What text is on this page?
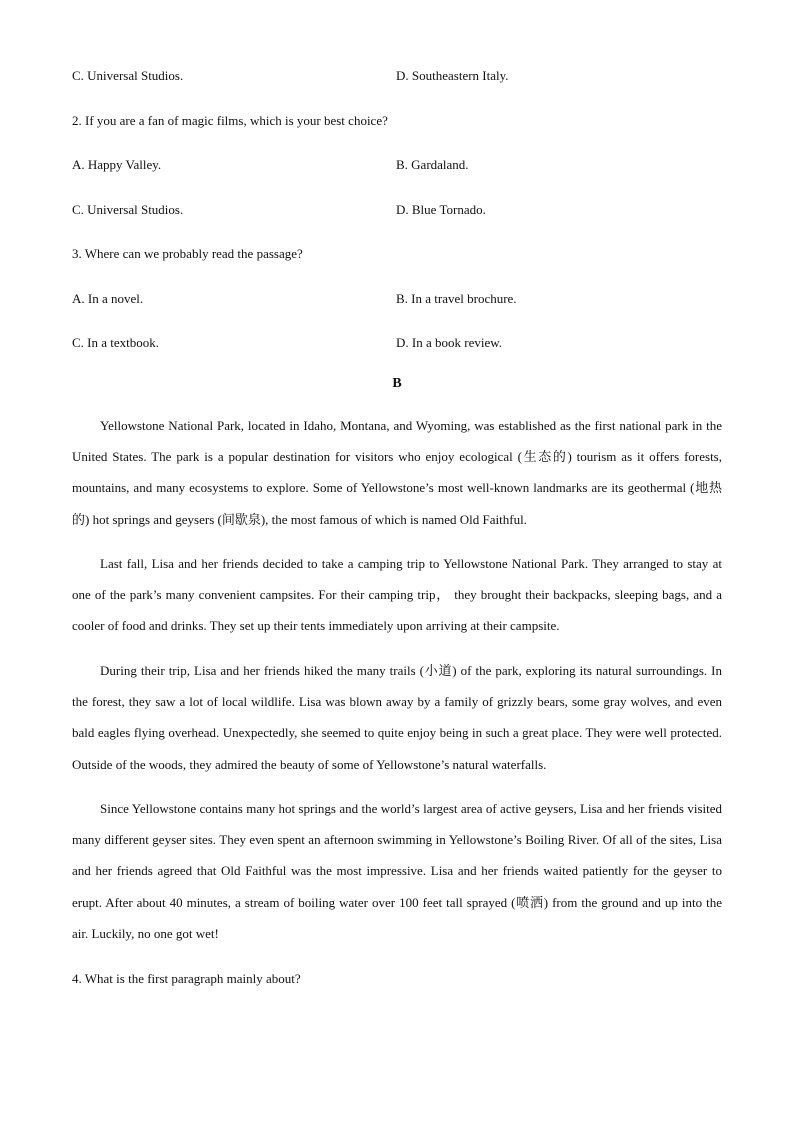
C. Universal Studios.	D. Southeastern Italy.
2. If you are a fan of magic films, which is your best choice?
A. Happy Valley.	B. Gardaland.
C. Universal Studios.	D. Blue Tornado.
3. Where can we probably read the passage?
A. In a novel.	B. In a travel brochure.
C. In a textbook.	D. In a book review.
B
Yellowstone National Park, located in Idaho, Montana, and Wyoming, was established as the first national park in the United States. The park is a popular destination for visitors who enjoy ecological (生态的) tourism as it offers forests, mountains, and many ecosystems to explore. Some of Yellowstone’s most well-known landmarks are its geothermal (地热的) hot springs and geysers (间歇泉), the most famous of which is named Old Faithful.
Last fall, Lisa and her friends decided to take a camping trip to Yellowstone National Park. They arranged to stay at one of the park’s many convenient campsites. For their camping trip， they brought their backpacks, sleeping bags, and a cooler of food and drinks. They set up their tents immediately upon arriving at their campsite.
During their trip, Lisa and her friends hiked the many trails (小道) of the park, exploring its natural surroundings. In the forest, they saw a lot of local wildlife. Lisa was blown away by a family of grizzly bears, some gray wolves, and even bald eagles flying overhead. Unexpectedly, she seemed to quite enjoy being in such a great place. They were well protected. Outside of the woods, they admired the beauty of some of Yellowstone’s natural waterfalls.
Since Yellowstone contains many hot springs and the world’s largest area of active geysers, Lisa and her friends visited many different geyser sites. They even spent an afternoon swimming in Yellowstone’s Boiling River. Of all of the sites, Lisa and her friends agreed that Old Faithful was the most impressive. Lisa and her friends waited patiently for the geyser to erupt. After about 40 minutes, a stream of boiling water over 100 feet tall sprayed (喷洒) from the ground and up into the air. Luckily, no one got wet!
4. What is the first paragraph mainly about?
